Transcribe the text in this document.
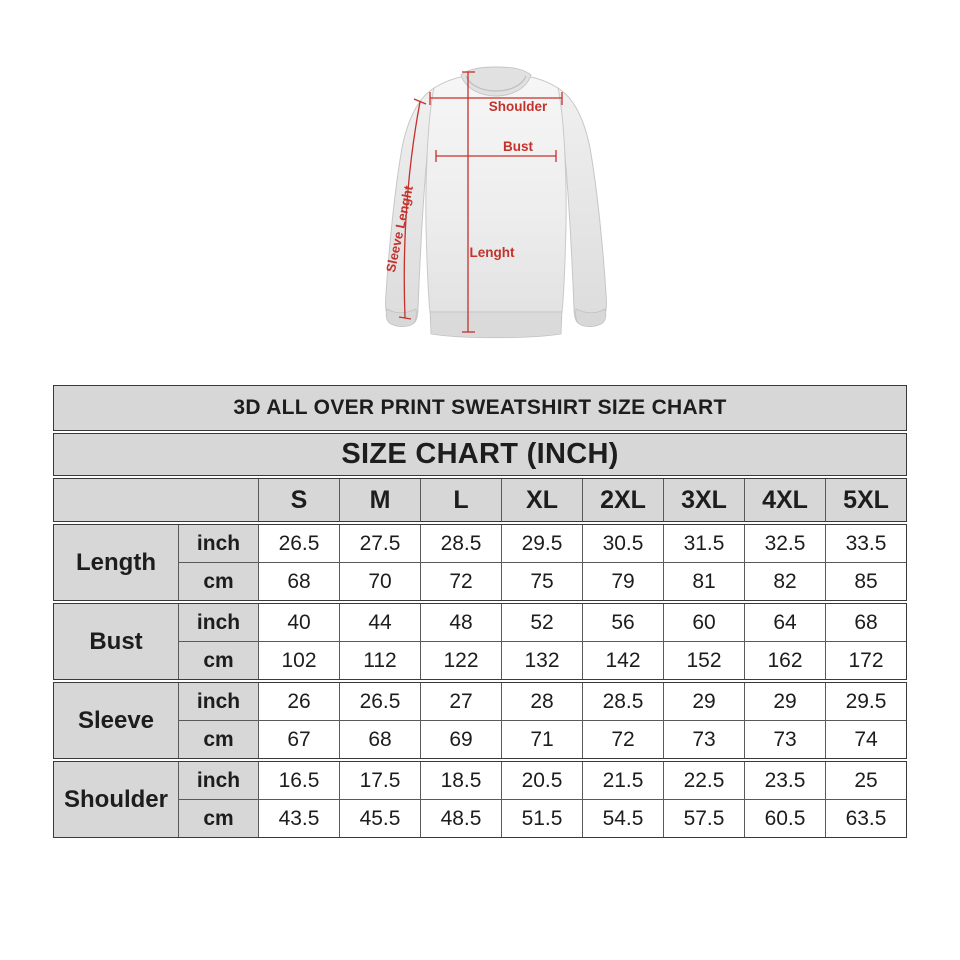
Shoulder
Bust
Lenght
Sleeve Lenght
3D ALL OVER PRINT SWEATSHIRT SIZE CHART
SIZE CHART (INCH)
S	M	L	XL	2XL	3XL	4XL	5XL
Length
inch	26.5	27.5	28.5	29.5	30.5	31.5	32.5	33.5
cm	68	70	72	75	79	81	82	85
Bust
inch	40	44	48	52	56	60	64	68
cm	102	112	122	132	142	152	162	172
Sleeve
inch	26	26.5	27	28	28.5	29	29	29.5
cm	67	68	69	71	72	73	73	74
Shoulder
inch	16.5	17.5	18.5	20.5	21.5	22.5	23.5	25
cm	43.5	45.5	48.5	51.5	54.5	57.5	60.5	63.5
